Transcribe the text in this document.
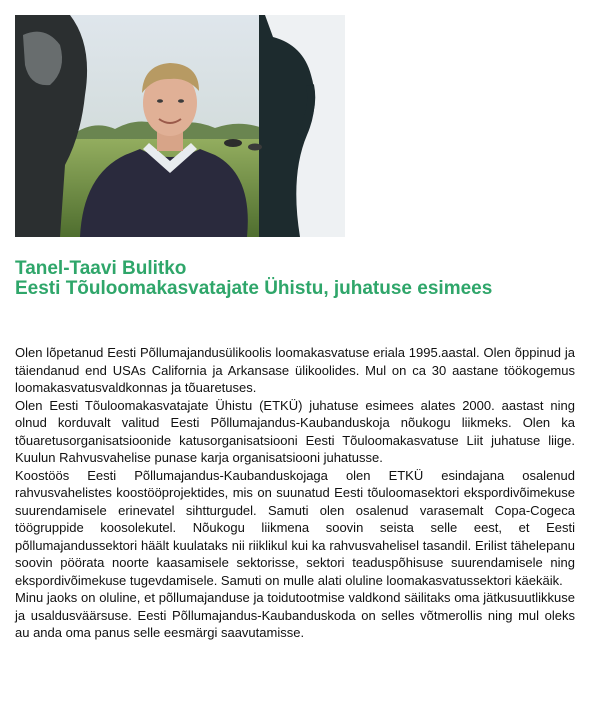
Tanel-Taavi Bulitko
Eesti Tõuloomakasvatajate Ühistu, juhatuse esimees

Olen lõpetanud Eesti Põllumajandusülikoolis loomakasvatuse eriala 1995.aastal. Olen õppinud ja täiendanud end USAs California ja Arkansase ülikoolides. Mul on ca 30 aastane töökogemus loomakasvatusvaldkonnas ja tõuaretuses.

Olen Eesti Tõuloomakasvatajate Ühistu (ETKÜ) juhatuse esimees alates 2000. aastast ning olnud korduvalt valitud Eesti Põllumajandus-Kaubanduskoja nõukogu liikmeks. Olen ka tõuaretusorganisatsioonide katusorganisatsiooni Eesti Tõuloomakasvatuse Liit juhatuse liige. Kuulun Rahvusvahelise punase karja organisatsiooni juhatusse.

Koostöös Eesti Põllumajandus-Kaubanduskojaga olen ETKÜ esindajana osalenud rahvusvahelistes koostööprojektides, mis on suunatud Eesti tõuloomasektori ekspordivõimekuse suurendamisele erinevatel sihtturgudel. Samuti olen osalenud varasemalt Copa-Cogeca töögruppide koosolekutel. Nõukogu liikmena soovin seista selle eest, et Eesti põllumajandussektori häält kuulataks nii riiklikul kui ka rahvusvahelisel tasandil. Erilist tähelepanu soovin pöörata noorte kaasamisele sektorisse, sektori teaduspõhisuse suurendamisele ning ekspordivõimekuse tugevdamisele. Samuti on mulle alati oluline loomakasvatussektori käekäik.

Minu jaoks on oluline, et põllumajanduse ja toidutootmise valdkond säilitaks oma jätkusuutlikkuse ja usaldusväärsuse. Eesti Põllumajandus-Kaubanduskoda on selles võtmerollis ning mul oleks au anda oma panus selle eesmärgi saavutamisse.
